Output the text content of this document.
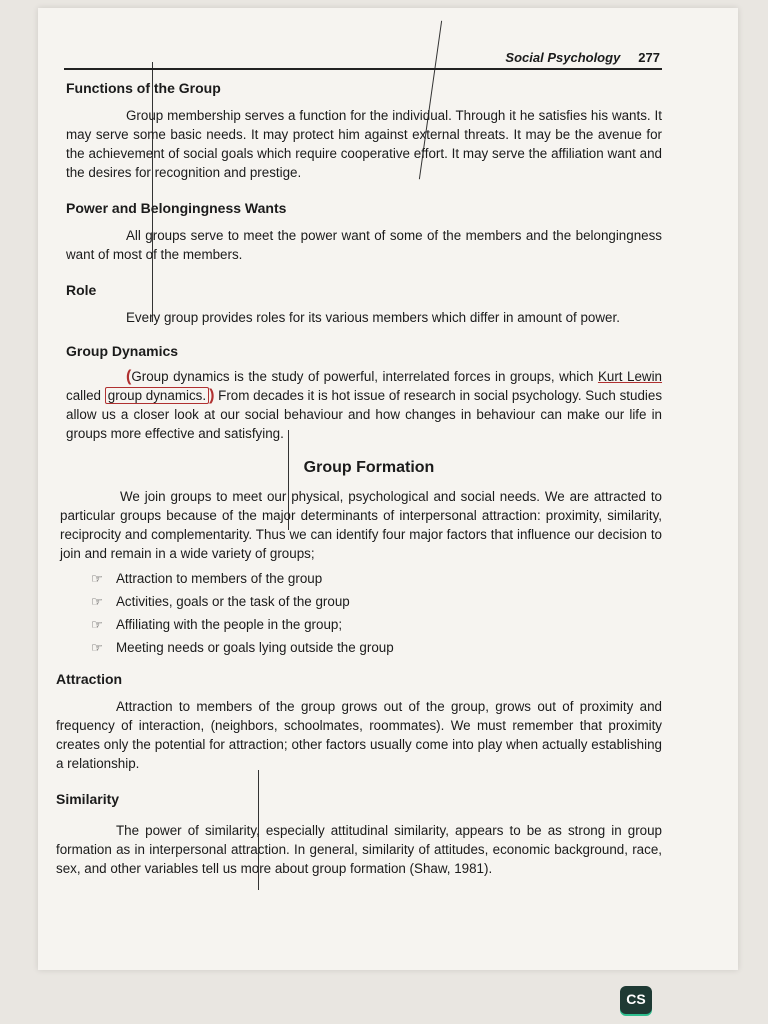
Social Psychology 277
Functions of the Group

Group membership serves a function for the individual. Through it he satisfies his wants. It may serve some basic needs. It may protect him against external threats. It may be the avenue for the achievement of social goals which require cooperative effort. It may serve the affiliation want and the desires for recognition and prestige.

Power and Belongingness Wants

All groups serve to meet the power want of some of the members and the belongingness want of most of the members.

Role

Every group provides roles for its various members which differ in amount of power.

Group Dynamics

(Group dynamics is the study of powerful, interrelated forces in groups, which Kurt Lewin called group dynamics. ) From decades it is hot issue of research in social psychology. Such studies allow us a closer look at our social behaviour and how changes in behaviour can make our life in groups more effective and satisfying.

Group Formation

We join groups to meet our physical, psychological and social needs. We are attracted to particular groups because of the major determinants of interpersonal attraction: proximity, similarity, reciprocity and complementarity. Thus we can identify four major factors that influence our decision to join and remain in a wide variety of groups;

☞ Attraction to members of the group
☞ Activities, goals or the task of the group
☞ Affiliating with the people in the group;
☞ Meeting needs or goals lying outside the group
Attraction

Attraction to members of the group grows out of the group, grows out of proximity and frequency of interaction, (neighbors, schoolmates, roommates). We must remember that proximity creates only the potential for attraction; other factors usually come into play when actually establishing a relationship.

Similarity

The power of similarity, especially attitudinal similarity, appears to be as strong in group formation as in interpersonal attraction. In general, similarity of attitudes, economic background, race, sex, and other variables tell us more about group formation (Shaw, 1981).

CS
